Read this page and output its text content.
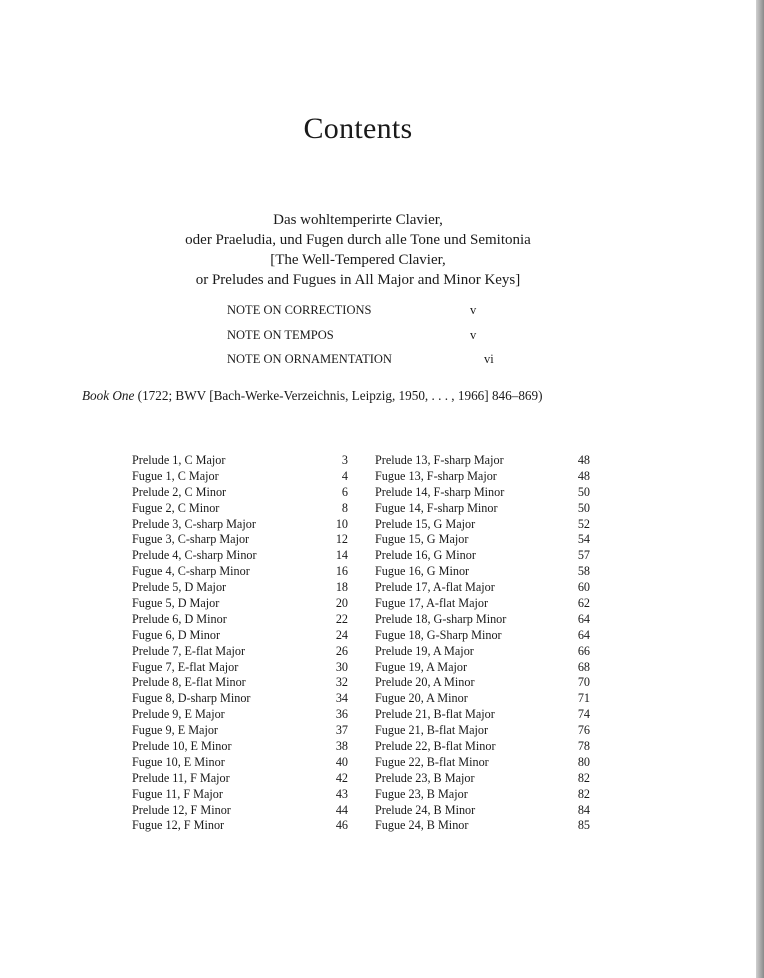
Contents
Das wohltemperirte Clavier,
oder Praeludia, und Fugen durch alle Tone und Semitonia
[The Well-Tempered Clavier,
or Preludes and Fugues in All Major and Minor Keys]
NOTE ON CORRECTIONS	v
NOTE ON TEMPOS	v
NOTE ON ORNAMENTATION	vi
Book One (1722; BWV [Bach-Werke-Verzeichnis, Leipzig, 1950, . . . , 1966] 846–869)
Prelude 1, C Major	3
Fugue 1, C Major	4
Prelude 2, C Minor	6
Fugue 2, C Minor	8
Prelude 3, C-sharp Major	10
Fugue 3, C-sharp Major	12
Prelude 4, C-sharp Minor	14
Fugue 4, C-sharp Minor	16
Prelude 5, D Major	18
Fugue 5, D Major	20
Prelude 6, D Minor	22
Fugue 6, D Minor	24
Prelude 7, E-flat Major	26
Fugue 7, E-flat Major	30
Prelude 8, E-flat Minor	32
Fugue 8, D-sharp Minor	34
Prelude 9, E Major	36
Fugue 9, E Major	37
Prelude 10, E Minor	38
Fugue 10, E Minor	40
Prelude 11, F Major	42
Fugue 11, F Major	43
Prelude 12, F Minor	44
Fugue 12, F Minor	46
Prelude 13, F-sharp Major	48
Fugue 13, F-sharp Major	48
Prelude 14, F-sharp Minor	50
Fugue 14, F-sharp Minor	50
Prelude 15, G Major	52
Fugue 15, G Major	54
Prelude 16, G Minor	57
Fugue 16, G Minor	58
Prelude 17, A-flat Major	60
Fugue 17, A-flat Major	62
Prelude 18, G-sharp Minor	64
Fugue 18, G-Sharp Minor	64
Prelude 19, A Major	66
Fugue 19, A Major	68
Prelude 20, A Minor	70
Fugue 20, A Minor	71
Prelude 21, B-flat Major	74
Fugue 21, B-flat Major	76
Prelude 22, B-flat Minor	78
Fugue 22, B-flat Minor	80
Prelude 23, B Major	82
Fugue 23, B Major	82
Prelude 24, B Minor	84
Fugue 24, B Minor	85
